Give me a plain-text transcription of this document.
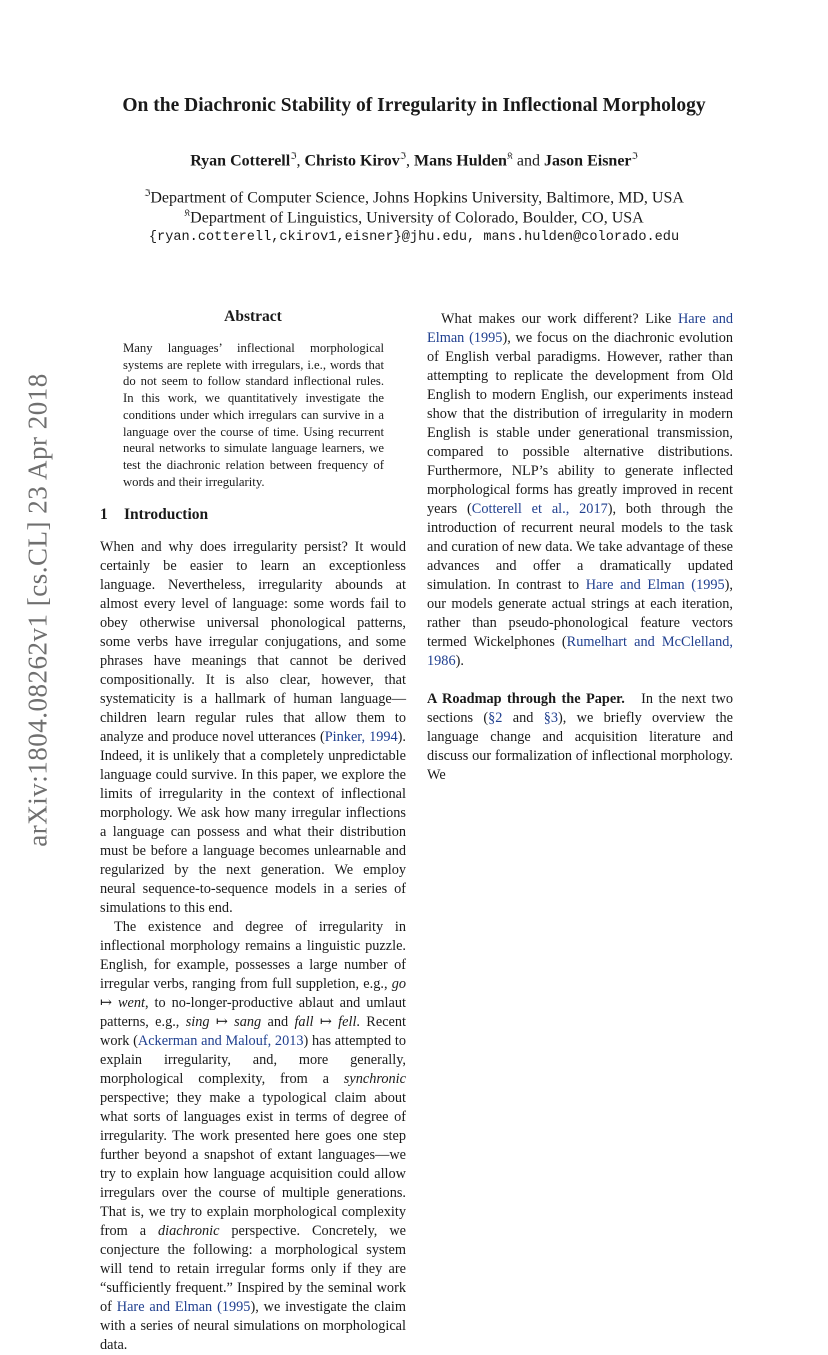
arXiv:1804.08262v1 [cs.CL] 23 Apr 2018
On the Diachronic Stability of Irregularity in Inflectional Morphology
Ryan Cotterell$^ℑ$, Christo Kirov$^ℑ$, Mans Hulden$^𝔎$ and Jason Eisner$^ℑ$
$^ℑ$Department of Computer Science, Johns Hopkins University, Baltimore, MD, USA
$^𝔎$Department of Linguistics, University of Colorado, Boulder, CO, USA
{ryan.cotterell,ckirov1,eisner}@jhu.edu, mans.hulden@colorado.edu
Abstract
Many languages’ inflectional morphological systems are replete with irregulars, i.e., words that do not seem to follow standard inflectional rules. In this work, we quantitatively investigate the conditions under which irregulars can survive in a language over the course of time. Using recurrent neural networks to simulate language learners, we test the diachronic relation between frequency of words and their irregularity.
1 Introduction

When and why does irregularity persist? It would certainly be easier to learn an exceptionless language. Nevertheless, irregularity abounds at almost every level of language: some words fail to obey otherwise universal phonological patterns, some verbs have irregular conjugations, and some phrases have meanings that cannot be derived compositionally. It is also clear, however, that systematicity is a hallmark of human language—children learn regular rules that allow them to analyze and produce novel utterances (Pinker, 1994). Indeed, it is unlikely that a completely unpredictable language could survive. In this paper, we explore the limits of irregularity in the context of inflectional morphology. We ask how many irregular inflections a language can possess and what their distribution must be before a language becomes unlearnable and regularized by the next generation. We employ neural sequence-to-sequence models in a series of simulations to this end.

The existence and degree of irregularity in inflectional morphology remains a linguistic puzzle. English, for example, possesses a large number of irregular verbs, ranging from full suppletion, e.g., go ↦ went, to no-longer-productive ablaut and umlaut patterns, e.g., sing ↦ sang and fall ↦ fell. Recent work (Ackerman and Malouf, 2013) has attempted to explain irregularity, and, more generally, morphological complexity, from a synchronic perspective; they make a typological claim about what sorts of languages exist in terms of degree of irregularity. The work presented here goes one step further beyond a snapshot of extant languages—we try to explain how language acquisition could allow irregulars over the course of multiple generations. That is, we try to explain morphological complexity from a diachronic perspective. Concretely, we conjecture the following: a morphological system will tend to retain irregular forms only if they are “sufficiently frequent.” Inspired by the seminal work of Hare and Elman (1995), we investigate the claim with a series of neural simulations on morphological data.

What makes our work different? Like Hare and Elman (1995), we focus on the diachronic evolution of English verbal paradigms. However, rather than attempting to replicate the development from Old English to modern English, our experiments instead show that the distribution of irregularity in modern English is stable under generational transmission, compared to possible alternative distributions. Furthermore, NLP’s ability to generate inflected morphological forms has greatly improved in recent years (Cotterell et al., 2017), both through the introduction of recurrent neural models to the task and curation of new data. We take advantage of these advances and offer a dramatically updated simulation. In contrast to Hare and Elman (1995), our models generate actual strings at each iteration, rather than pseudo-phonological feature vectors termed Wickelphones (Rumelhart and McClelland, 1986).

A Roadmap through the Paper. In the next two sections (§2 and §3), we briefly overview the language change and acquisition literature and discuss our formalization of inflectional morphology. We
